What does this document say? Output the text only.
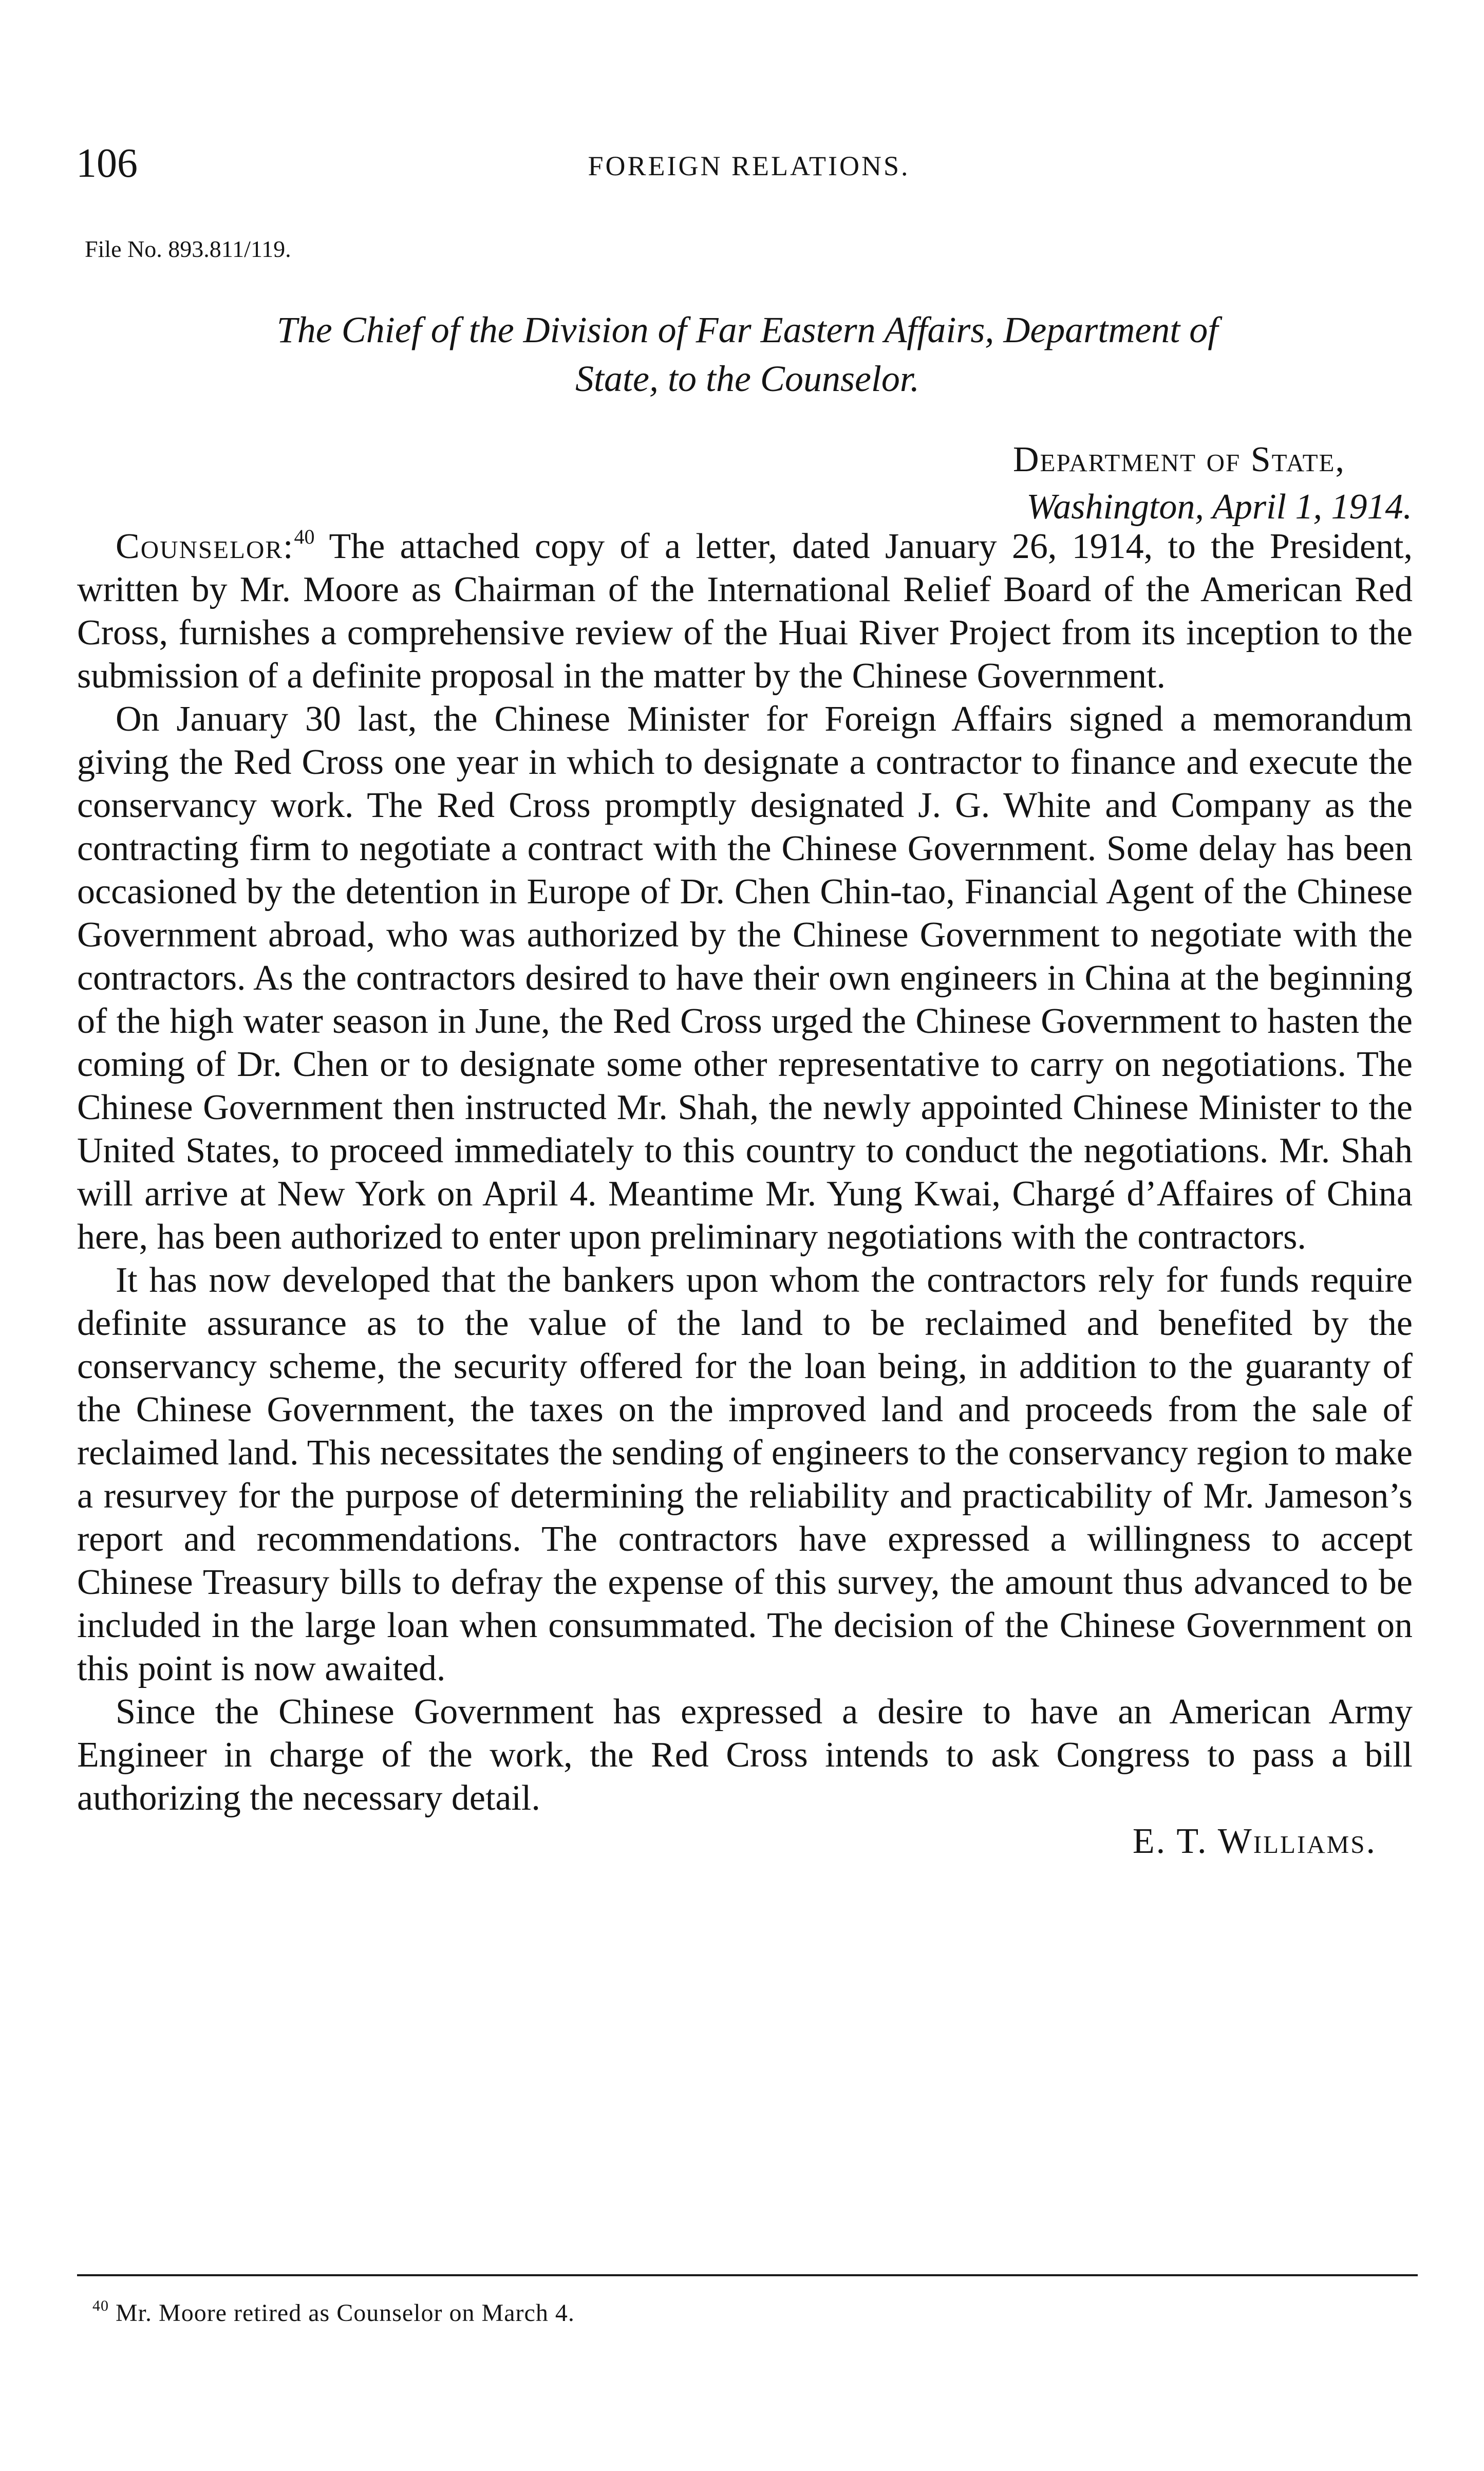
106	FOREIGN RELATIONS.
File No. 893.811/119.
The Chief of the Division of Far Eastern Affairs, Department of
State, to the Counselor.
Department of State,
Washington, April 1, 1914.

Counselor:$^{40}$ The attached copy of a letter, dated January 26, 1914, to the President, written by Mr. Moore as Chairman of the International Relief Board of the American Red Cross, furnishes a comprehensive review of the Huai River Project from its inception to the submission of a definite proposal in the matter by the Chinese Government.

On January 30 last, the Chinese Minister for Foreign Affairs signed a memorandum giving the Red Cross one year in which to designate a contractor to finance and execute the conservancy work. The Red Cross promptly designated J. G. White and Company as the contracting firm to negotiate a contract with the Chinese Government. Some delay has been occasioned by the detention in Europe of Dr. Chen Chin-tao, Financial Agent of the Chinese Government abroad, who was authorized by the Chinese Government to negotiate with the contractors. As the contractors desired to have their own engineers in China at the beginning of the high water season in June, the Red Cross urged the Chinese Government to hasten the coming of Dr. Chen or to designate some other representative to carry on negotiations. The Chinese Government then instructed Mr. Shah, the newly appointed Chinese Minister to the United States, to proceed immediately to this country to conduct the negotiations. Mr. Shah will arrive at New York on April 4. Meantime Mr. Yung Kwai, Chargé d’Affaires of China here, has been authorized to enter upon preliminary negotiations with the contractors.

It has now developed that the bankers upon whom the contractors rely for funds require definite assurance as to the value of the land to be reclaimed and benefited by the conservancy scheme, the security offered for the loan being, in addition to the guaranty of the Chinese Government, the taxes on the improved land and proceeds from the sale of reclaimed land. This necessitates the sending of engineers to the conservancy region to make a resurvey for the purpose of determining the reliability and practicability of Mr. Jameson’s report and recommendations. The contractors have expressed a willingness to accept Chinese Treasury bills to defray the expense of this survey, the amount thus advanced to be included in the large loan when consummated. The decision of the Chinese Government on this point is now awaited.

Since the Chinese Government has expressed a desire to have an American Army Engineer in charge of the work, the Red Cross intends to ask Congress to pass a bill authorizing the necessary detail.

E. T. Williams.
$^{40}$ Mr. Moore retired as Counselor on March 4.
